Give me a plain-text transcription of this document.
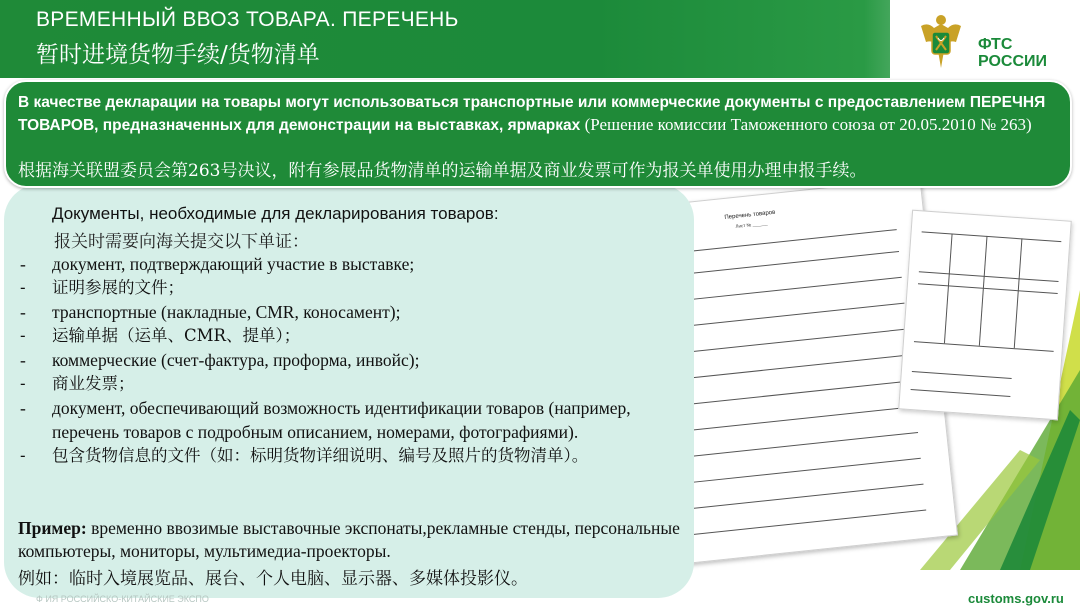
ВРЕМЕННЫЙ ВВОЗ ТОВАРА. ПЕРЕЧЕНЬ
暂时进境货物手续/货物清单	ФТС
РОССИИ
Перечень товаров
Лист № ______
Документы, необходимые для декларирования товаров:
报关时需要向海关提交以下单证：
- документ, подтверждающий участие в выставке;
- 证明参展的文件；
- транспортные (накладные, CMR, коносамент);
- 运输单据（运单、CMR、提单）；
- коммерческие (счет-фактура, проформа, инвойс);
- 商业发票；
- документ, обеспечивающий возможность идентификации товаров (например, перечень товаров с подробным описанием, номерами, фотографиями).
- 包含货物信息的文件（如：标明货物详细说明、编号及照片的货物清单）。
Пример: временно ввозимые выставочные экспонаты,рекламные стенды, персональные компьютеры, мониторы, мультимедиа-проекторы.
例如：临时入境展览品、展台、个人电脑、显示器、多媒体投影仪。
В качестве декларации на товары могут использоваться транспортные или коммерческие документы с предоставлением ПЕРЕЧНЯ ТОВАРОВ, предназначенных для демонстрации на выставках, ярмарках (Решение комиссии Таможенного союза от 20.05.2010 № 263)
根据海关联盟委员会第263号决议，附有参展品货物清单的运输单据及商业发票可作为报关单使用办理申报手续。
Ф ИЯ РОССИЙСКО-КИТАЙСКИЕ ЭКСПО	customs.gov.ru
